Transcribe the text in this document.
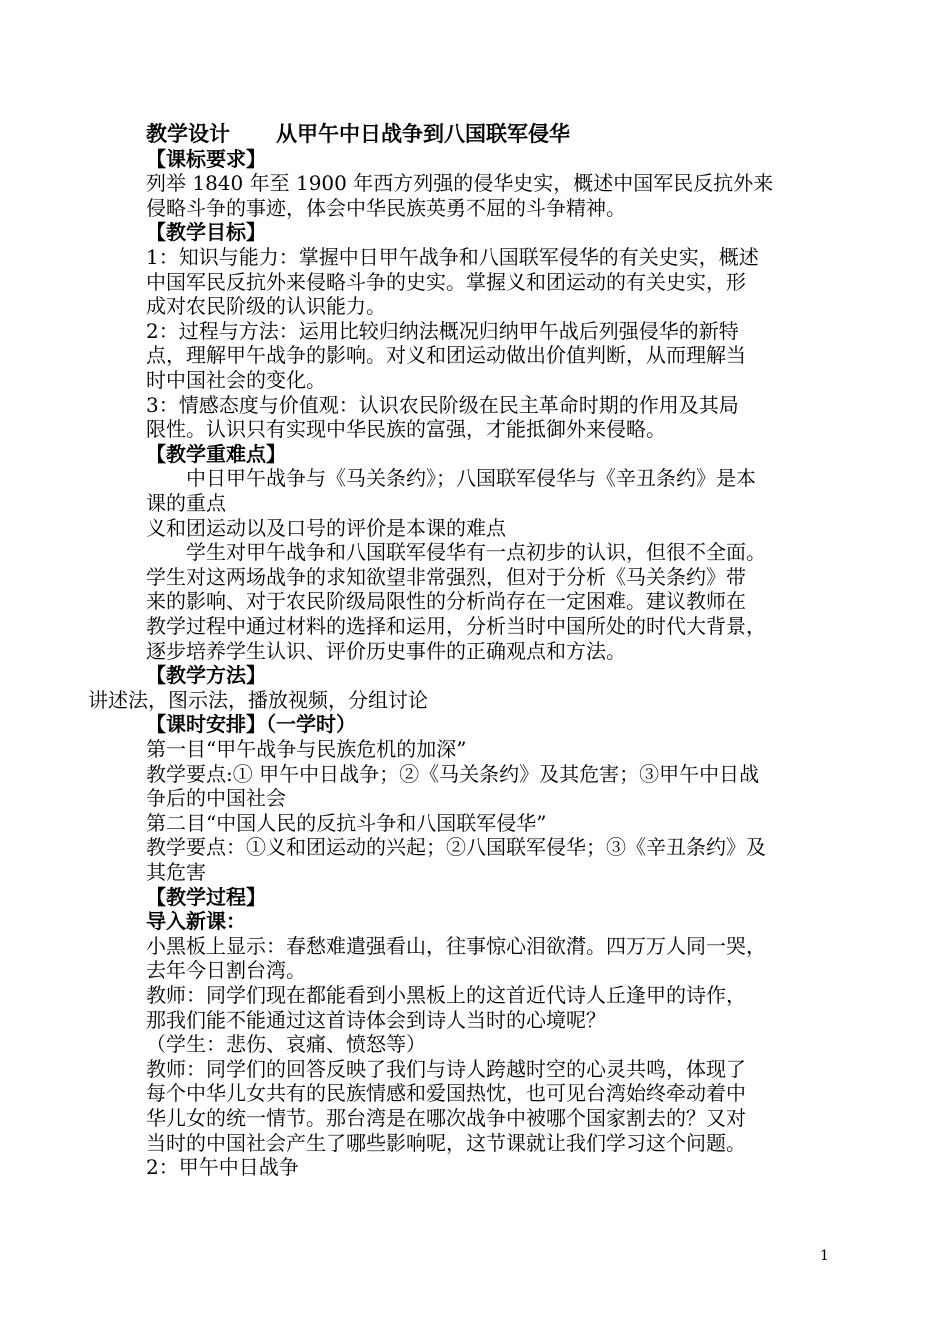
教学设计 从甲午中日战争到八国联军侵华
【课标要求】
列举 1840 年至 1900 年西方列强的侵华史实，概述中国军民反抗外来
侵略斗争的事迹，体会中华民族英勇不屈的斗争精神。
【教学目标】
1：知识与能力：掌握中日甲午战争和八国联军侵华的有关史实，概述
中国军民反抗外来侵略斗争的史实。掌握义和团运动的有关史实，形
成对农民阶级的认识能力。
2：过程与方法：运用比较归纳法概况归纳甲午战后列强侵华的新特
点，理解甲午战争的影响。对义和团运动做出价值判断，从而理解当
时中国社会的变化。
3：情感态度与价值观：认识农民阶级在民主革命时期的作用及其局
限性。认识只有实现中华民族的富强，才能抵御外来侵略。
【教学重难点】
中日甲午战争与《马关条约》；八国联军侵华与《辛丑条约》是本
课的重点
义和团运动以及口号的评价是本课的难点
学生对甲午战争和八国联军侵华有一点初步的认识，但很不全面。
学生对这两场战争的求知欲望非常强烈，但对于分析《马关条约》带
来的影响、对于农民阶级局限性的分析尚存在一定困难。建议教师在
教学过程中通过材料的选择和运用，分析当时中国所处的时代大背景，
逐步培养学生认识、评价历史事件的正确观点和方法。
【教学方法】
讲述法，图示法，播放视频，分组讨论
【课时安排】（一学时）
第一目“甲午战争与民族危机的加深”
教学要点:① 甲午中日战争；②《马关条约》及其危害；③甲午中日战
争后的中国社会
第二目“中国人民的反抗斗争和八国联军侵华”
教学要点：①义和团运动的兴起；②八国联军侵华；③《辛丑条约》及
其危害
【教学过程】
导入新课：
小黑板上显示：春愁难遣强看山，往事惊心泪欲潸。四万万人同一哭，
去年今日割台湾。
教师：同学们现在都能看到小黑板上的这首近代诗人丘逢甲的诗作，
那我们能不能通过这首诗体会到诗人当时的心境呢？
（学生：悲伤、哀痛、愤怒等）
教师：同学们的回答反映了我们与诗人跨越时空的心灵共鸣，体现了
每个中华儿女共有的民族情感和爱国热忱，也可见台湾始终牵动着中
华儿女的统一情节。那台湾是在哪次战争中被哪个国家割去的？又对
当时的中国社会产生了哪些影响呢，这节课就让我们学习这个问题。
2：甲午中日战争
1
